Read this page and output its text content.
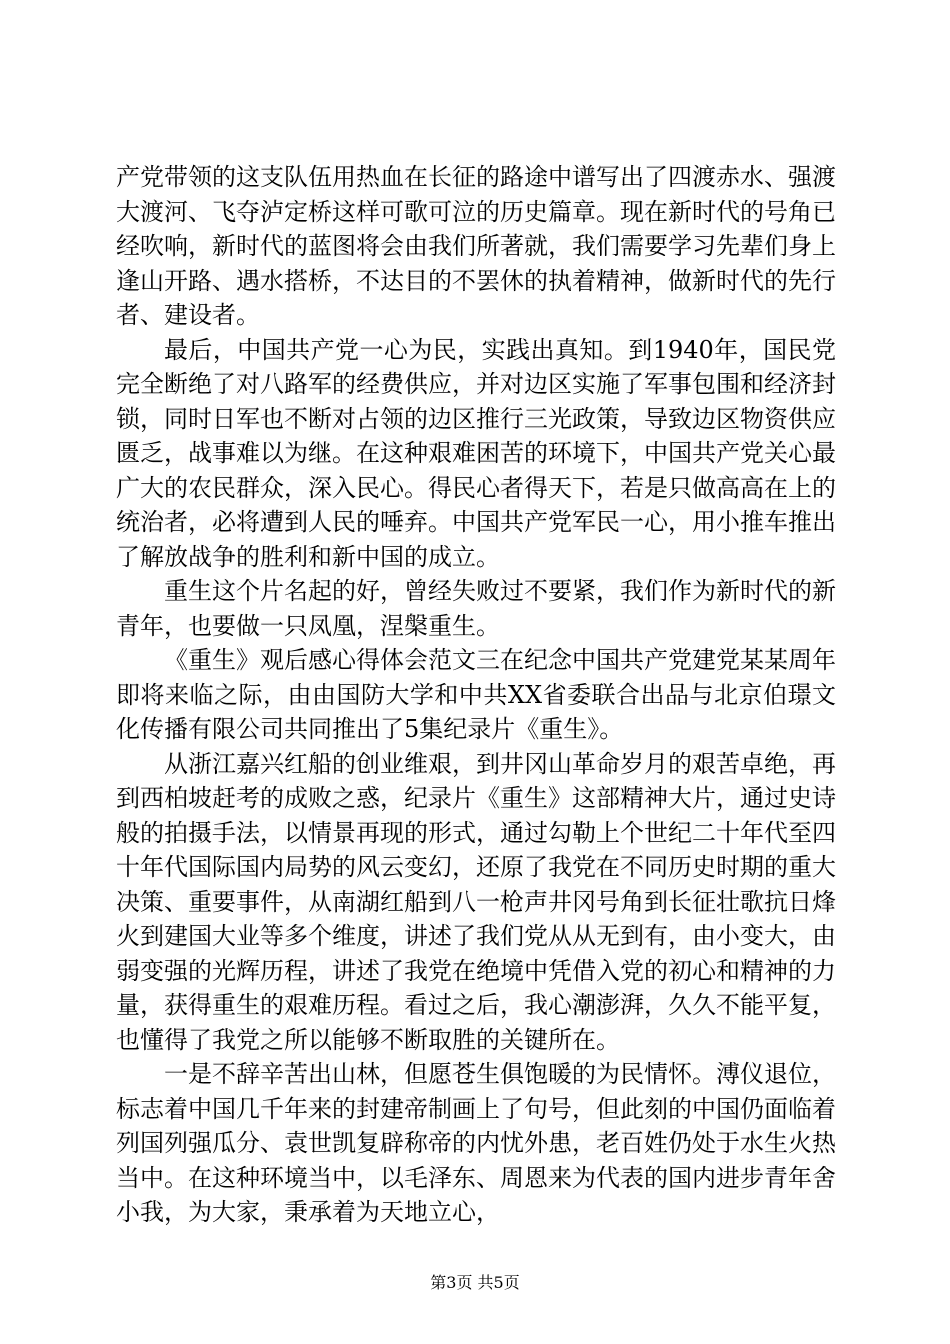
产党带领的这支队伍用热血在长征的路途中谱写出了四渡赤水、强渡大渡河、飞夺泸定桥这样可歌可泣的历史篇章。现在新时代的号角已经吹响，新时代的蓝图将会由我们所著就，我们需要学习先辈们身上逢山开路、遇水搭桥，不达目的不罢休的执着精神，做新时代的先行者、建设者。

最后，中国共产党一心为民，实践出真知。到1940年，国民党完全断绝了对八路军的经费供应，并对边区实施了军事包围和经济封锁，同时日军也不断对占领的边区推行三光政策，导致边区物资供应匮乏，战事难以为继。在这种艰难困苦的环境下，中国共产党关心最广大的农民群众，深入民心。得民心者得天下，若是只做高高在上的统治者，必将遭到人民的唾弃。中国共产党军民一心，用小推车推出了解放战争的胜利和新中国的成立。

重生这个片名起的好，曾经失败过不要紧，我们作为新时代的新青年，也要做一只凤凰，涅槃重生。

《重生》观后感心得体会范文三在纪念中国共产党建党某某周年即将来临之际，由由国防大学和中共XX省委联合出品与北京伯璟文化传播有限公司共同推出了5集纪录片《重生》。

从浙江嘉兴红船的创业维艰，到井冈山革命岁月的艰苦卓绝，再到西柏坡赶考的成败之惑，纪录片《重生》这部精神大片，通过史诗般的拍摄手法，以情景再现的形式，通过勾勒上个世纪二十年代至四十年代国际国内局势的风云变幻，还原了我党在不同历史时期的重大决策、重要事件，从南湖红船到八一枪声井冈号角到长征壮歌抗日烽火到建国大业等多个维度，讲述了我们党从从无到有，由小变大，由弱变强的光辉历程，讲述了我党在绝境中凭借入党的初心和精神的力量，获得重生的艰难历程。看过之后，我心潮澎湃，久久不能平复，也懂得了我党之所以能够不断取胜的关键所在。

一是不辞辛苦出山林，但愿苍生俱饱暖的为民情怀。溥仪退位，标志着中国几千年来的封建帝制画上了句号，但此刻的中国仍面临着列国列强瓜分、袁世凯复辟称帝的内忧外患，老百姓仍处于水生火热当中。在这种环境当中，以毛泽东、周恩来为代表的国内进步青年舍小我，为大家，秉承着为天地立心，

第3页 共5页
